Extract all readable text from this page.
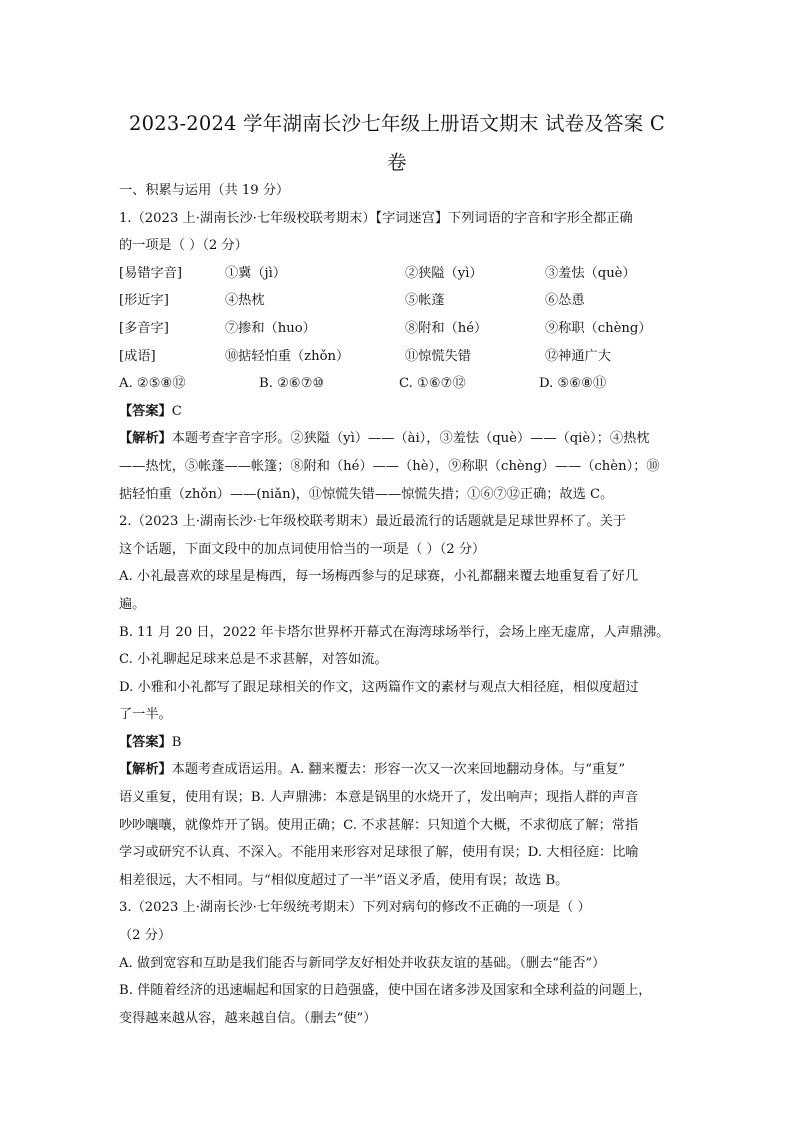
2023-2024 学年湖南长沙七年级上册语文期末 试卷及答案 C
卷

一、积累与运用（共 19 分）

1.（2023 上·湖南长沙·七年级校联考期末）【字词迷宫】下列词语的字音和字形全都正确

的一项是（ ）（2 分）

[易错字音]	①冀（jì）	②狭隘（yì）	③羞怯（què）
[形近字]	④热枕	⑤帐蓬	⑥怂恿
[多音字]	⑦掺和（huo）	⑧附和（hé）	⑨称职（chèng）
[成语]	⑩掂轻怕重（zhǒn）	⑪惊慌失错	⑫神通广大
A. ②⑤⑧⑫	B. ②⑥⑦⑩	C. ①⑥⑦⑫	D. ⑤⑥⑧⑪

【答案】C

【解析】本题考查字音字形。②狭隘（yì）——（ài），③羞怯（què）——（qiè）；④热枕

——热忱，⑤帐蓬——帐篷；⑧附和（hé）——（hè），⑨称职（chèng）——（chèn）；⑩

掂轻怕重（zhǒn）——(niǎn)，⑪惊慌失错——惊慌失措；①⑥⑦⑫正确；故选 C。

2.（2023 上·湖南长沙·七年级校联考期末）最近最流行的话题就是足球世界杯了。关于

这个话题，下面文段中的加点词使用恰当的一项是（ ）（2 分）

A. 小礼最喜欢的球星是梅西，每一场梅西参与的足球赛，小礼都翻来覆去地重复看了好几

遍。

B. 11 月 20 日，2022 年卡塔尔世界杯开幕式在海湾球场举行，会场上座无虚席，人声鼎沸。

C. 小礼聊起足球来总是不求甚解，对答如流。

D. 小雅和小礼都写了跟足球相关的作文，这两篇作文的素材与观点大相径庭，相似度超过

了一半。

【答案】B

【解析】本题考查成语运用。A. 翻来覆去：形容一次又一次来回地翻动身体。与“重复”

语义重复，使用有误；B. 人声鼎沸：本意是锅里的水烧开了，发出响声；现指人群的声音

吵吵嚷嚷，就像炸开了锅。使用正确；C. 不求甚解：只知道个大概，不求彻底了解；常指

学习或研究不认真、不深入。不能用来形容对足球很了解，使用有误；D. 大相径庭：比喻

相差很远，大不相同。与“相似度超过了一半”语义矛盾，使用有误；故选 B。

3.（2023 上·湖南长沙·七年级统考期末）下列对病句的修改不正确的一项是（ ）

（2 分）

A. 做到宽容和互助是我们能否与新同学友好相处并收获友谊的基础。（删去“能否”）

B. 伴随着经济的迅速崛起和国家的日趋强盛，使中国在诸多涉及国家和全球利益的问题上，

变得越来越从容，越来越自信。（删去“使”）
